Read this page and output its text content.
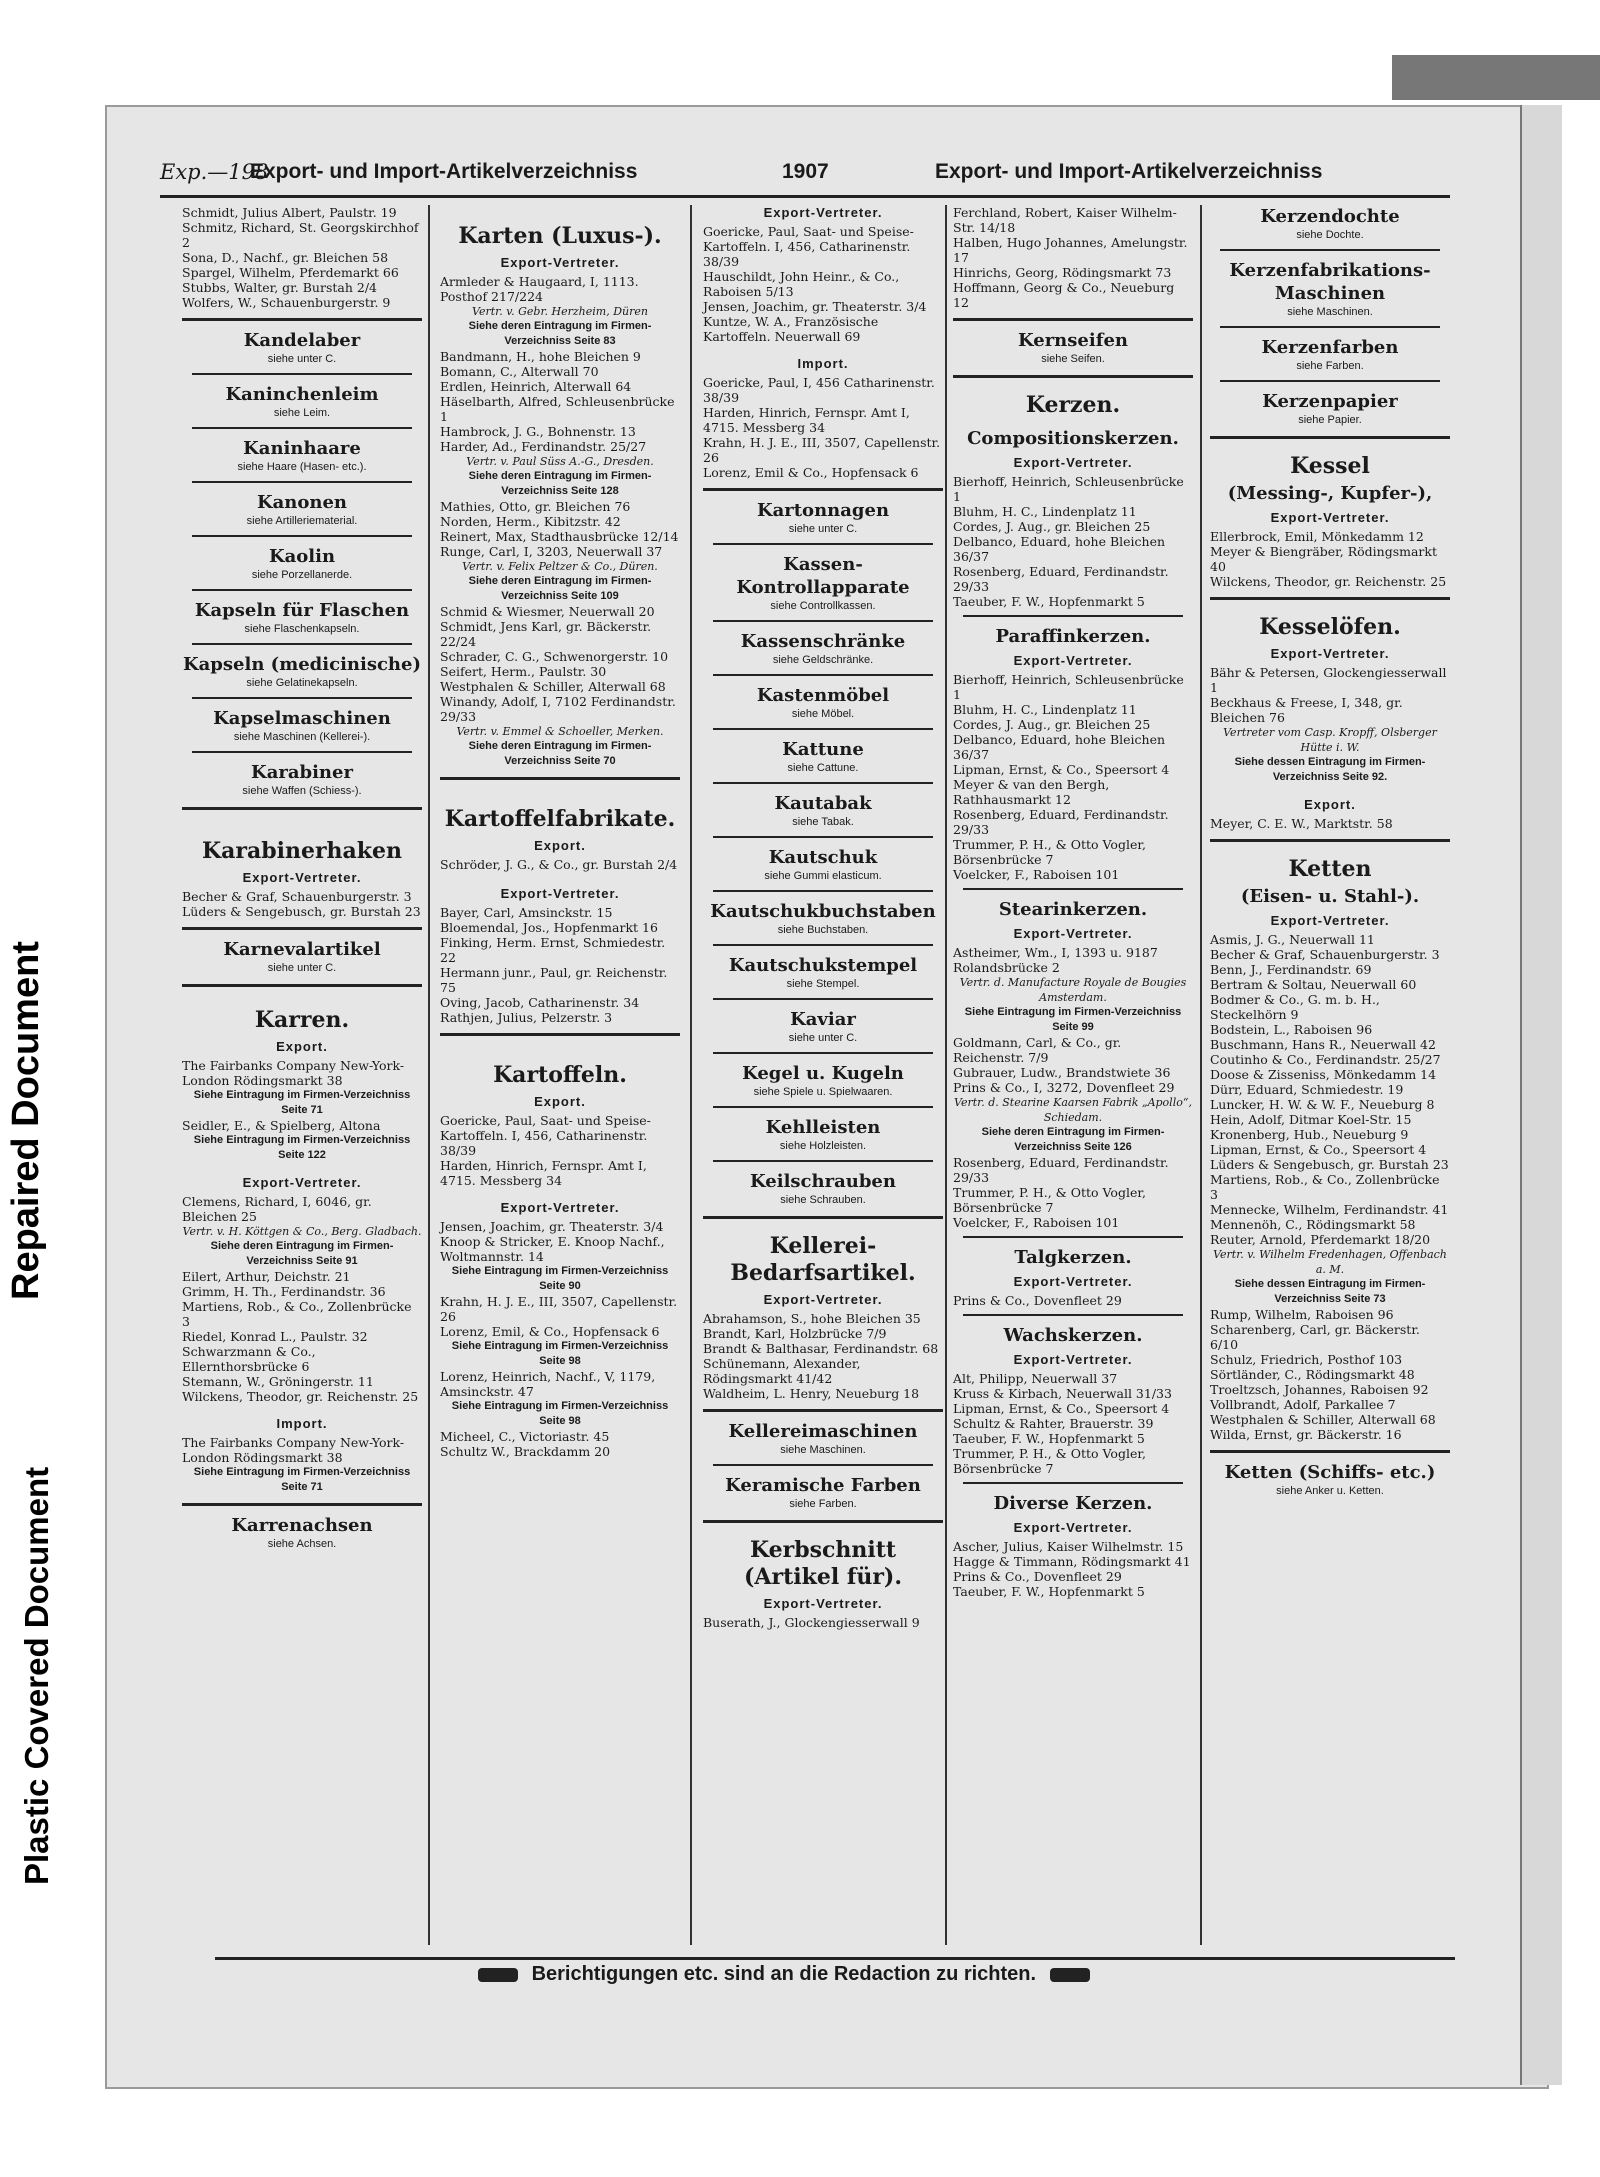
Repaired Document
Plastic Covered Document
Exp.—198
Export- und Import-Artikelverzeichniss	1907	Export- und Import-Artikelverzeichniss
Schmidt, Julius Albert, Paulstr. 19
Schmitz, Richard, St. Georgskirchhof 2
Sona, D., Nachf., gr. Bleichen 58
Spargel, Wilhelm, Pferdemarkt 66
Stubbs, Walter, gr. Burstah 2/4
Wolfers, W., Schauenburgerstr. 9
Kandelaber
siehe unter C.
Kaninchenleim
siehe Leim.
Kaninhaare
siehe Haare (Hasen- etc.).
Kanonen
siehe Artilleriematerial.
Kaolin
siehe Porzellanerde.
Kapseln für Flaschen
siehe Flaschenkapseln.
Kapseln (medicinische)
siehe Gelatinekapseln.
Kapselmaschinen
siehe Maschinen (Kellerei-).
Karabiner
siehe Waffen (Schiess-).
Karabinerhaken
Export-Vertreter.
Becher & Graf, Schauenburgerstr. 3
Lüders & Sengebusch, gr. Burstah 23
Karnevalartikel
siehe unter C.
Karren.
Export.
The Fairbanks Company New-York-London Rödingsmarkt 38
Siehe Eintragung im Firmen-Verzeichniss Seite 71
Seidler, E., & Spielberg, Altona
Siehe Eintragung im Firmen-Verzeichniss Seite 122
Export-Vertreter.
Clemens, Richard, I, 6046, gr. Bleichen 25
Vertr. v. H. Köttgen & Co., Berg. Gladbach.
Siehe deren Eintragung im Firmen-Verzeichniss Seite 91
Eilert, Arthur, Deichstr. 21
Grimm, H. Th., Ferdinandstr. 36
Martiens, Rob., & Co., Zollenbrücke 3
Riedel, Konrad L., Paulstr. 32
Schwarzmann & Co., Ellernthorsbrücke 6
Stemann, W., Gröningerstr. 11
Wilckens, Theodor, gr. Reichenstr. 25
Import.
The Fairbanks Company New-York-London Rödingsmarkt 38
Siehe Eintragung im Firmen-Verzeichniss Seite 71
Karrenachsen
siehe Achsen.
Karten (Luxus-).
Export-Vertreter.
Armleder & Haugaard, I, 1113. Posthof 217/224
Vertr. v. Gebr. Herzheim, Düren
Siehe deren Eintragung im Firmen-Verzeichniss Seite 83
Bandmann, H., hohe Bleichen 9
Bomann, C., Alterwall 70
Erdlen, Heinrich, Alterwall 64
Häselbarth, Alfred, Schleusenbrücke 1
Hambrock, J. G., Bohnenstr. 13
Harder, Ad., Ferdinandstr. 25/27
Vertr. v. Paul Süss A.-G., Dresden.
Siehe deren Eintragung im Firmen-Verzeichniss Seite 128
Mathies, Otto, gr. Bleichen 76
Norden, Herm., Kibitzstr. 42
Reinert, Max, Stadthausbrücke 12/14
Runge, Carl, I, 3203, Neuerwall 37
Vertr. v. Felix Peltzer & Co., Düren.
Siehe deren Eintragung im Firmen-Verzeichniss Seite 109
Schmid & Wiesmer, Neuerwall 20
Schmidt, Jens Karl, gr. Bäckerstr. 22/24
Schrader, C. G., Schwenorgerstr. 10
Seifert, Herm., Paulstr. 30
Westphalen & Schiller, Alterwall 68
Winandy, Adolf, I, 7102 Ferdinandstr. 29/33
Vertr. v. Emmel & Schoeller, Merken.
Siehe deren Eintragung im Firmen-Verzeichniss Seite 70
Kartoffelfabrikate.
Export.
Schröder, J. G., & Co., gr. Burstah 2/4
Export-Vertreter.
Bayer, Carl, Amsinckstr. 15
Bloemendal, Jos., Hopfenmarkt 16
Finking, Herm. Ernst, Schmiedestr. 22
Hermann junr., Paul, gr. Reichenstr. 75
Oving, Jacob, Catharinenstr. 34
Rathjen, Julius, Pelzerstr. 3
Kartoffeln.
Export.
Goericke, Paul, Saat- und Speise-Kartoffeln. I, 456, Catharinenstr. 38/39
Harden, Hinrich, Fernspr. Amt I, 4715. Messberg 34
Export-Vertreter.
Jensen, Joachim, gr. Theaterstr. 3/4
Knoop & Stricker, E. Knoop Nachf., Woltmannstr. 14
Siehe Eintragung im Firmen-Verzeichniss Seite 90
Krahn, H. J. E., III, 3507, Capellenstr. 26
Lorenz, Emil, & Co., Hopfensack 6
Siehe Eintragung im Firmen-Verzeichniss Seite 98
Lorenz, Heinrich, Nachf., V, 1179, Amsinckstr. 47
Siehe Eintragung im Firmen-Verzeichniss Seite 98
Micheel, C., Victoriastr. 45
Schultz W., Brackdamm 20
Export-Vertreter.
Goericke, Paul, Saat- und Speise-Kartoffeln. I, 456, Catharinenstr. 38/39
Hauschildt, John Heinr., & Co., Raboisen 5/13
Jensen, Joachim, gr. Theaterstr. 3/4
Kuntze, W. A., Französische Kartoffeln. Neuerwall 69
Import.
Goericke, Paul, I, 456 Catharinenstr. 38/39
Harden, Hinrich, Fernspr. Amt I, 4715. Messberg 34
Krahn, H. J. E., III, 3507, Capellenstr. 26
Lorenz, Emil & Co., Hopfensack 6
Kartonnagen
siehe unter C.
Kassen-Kontrollapparate
siehe Controllkassen.
Kassenschränke
siehe Geldschränke.
Kastenmöbel
siehe Möbel.
Kattune
siehe Cattune.
Kautabak
siehe Tabak.
Kautschuk
siehe Gummi elasticum.
Kautschukbuchstaben
siehe Buchstaben.
Kautschukstempel
siehe Stempel.
Kaviar
siehe unter C.
Kegel u. Kugeln
siehe Spiele u. Spielwaaren.
Kehlleisten
siehe Holzleisten.
Keilschrauben
siehe Schrauben.
Kellerei-Bedarfsartikel.
Export-Vertreter.
Abrahamson, S., hohe Bleichen 35
Brandt, Karl, Holzbrücke 7/9
Brandt & Balthasar, Ferdinandstr. 68
Schünemann, Alexander, Rödingsmarkt 41/42
Waldheim, L. Henry, Neueburg 18
Kellereimaschinen
siehe Maschinen.
Keramische Farben
siehe Farben.
Kerbschnitt (Artikel für).
Export-Vertreter.
Buserath, J., Glockengiesserwall 9
Ferchland, Robert, Kaiser Wilhelm-Str. 14/18
Halben, Hugo Johannes, Amelungstr. 17
Hinrichs, Georg, Rödingsmarkt 73
Hoffmann, Georg & Co., Neueburg 12
Kernseifen
siehe Seifen.
Kerzen.
Compositionskerzen.
Export-Vertreter.
Bierhoff, Heinrich, Schleusenbrücke 1
Bluhm, H. C., Lindenplatz 11
Cordes, J. Aug., gr. Bleichen 25
Delbanco, Eduard, hohe Bleichen 36/37
Rosenberg, Eduard, Ferdinandstr. 29/33
Taeuber, F. W., Hopfenmarkt 5
Paraffinkerzen.
Export-Vertreter.
Bierhoff, Heinrich, Schleusenbrücke 1
Bluhm, H. C., Lindenplatz 11
Cordes, J. Aug., gr. Bleichen 25
Delbanco, Eduard, hohe Bleichen 36/37
Lipman, Ernst, & Co., Speersort 4
Meyer & van den Bergh, Rathhausmarkt 12
Rosenberg, Eduard, Ferdinandstr. 29/33
Trummer, P. H., & Otto Vogler, Börsenbrücke 7
Voelcker, F., Raboisen 101
Stearinkerzen.
Export-Vertreter.
Astheimer, Wm., I, 1393 u. 9187 Rolandsbrücke 2
Vertr. d. Manufacture Royale de Bougies Amsterdam.
Siehe Eintragung im Firmen-Verzeichniss Seite 99
Goldmann, Carl, & Co., gr. Reichenstr. 7/9
Gubrauer, Ludw., Brandstwiete 36
Prins & Co., I, 3272, Dovenfleet 29
Vertr. d. Stearine Kaarsen Fabrik „Apollo“, Schiedam.
Siehe deren Eintragung im Firmen-Verzeichniss Seite 126
Rosenberg, Eduard, Ferdinandstr. 29/33
Trummer, P. H., & Otto Vogler, Börsenbrücke 7
Voelcker, F., Raboisen 101
Talgkerzen.
Export-Vertreter.
Prins & Co., Dovenfleet 29
Wachskerzen.
Export-Vertreter.
Alt, Philipp, Neuerwall 37
Kruss & Kirbach, Neuerwall 31/33
Lipman, Ernst, & Co., Speersort 4
Schultz & Rahter, Brauerstr. 39
Taeuber, F. W., Hopfenmarkt 5
Trummer, P. H., & Otto Vogler, Börsenbrücke 7
Diverse Kerzen.
Export-Vertreter.
Ascher, Julius, Kaiser Wilhelmstr. 15
Hagge & Timmann, Rödingsmarkt 41
Prins & Co., Dovenfleet 29
Taeuber, F. W., Hopfenmarkt 5
Kerzendochte
siehe Dochte.
Kerzenfabrikations-Maschinen
siehe Maschinen.
Kerzenfarben
siehe Farben.
Kerzenpapier
siehe Papier.
Kessel
(Messing-, Kupfer-),
Export-Vertreter.
Ellerbrock, Emil, Mönkedamm 12
Meyer & Biengräber, Rödingsmarkt 40
Wilckens, Theodor, gr. Reichenstr. 25
Kesselöfen.
Export-Vertreter.
Bähr & Petersen, Glockengiesserwall 1
Beckhaus & Freese, I, 348, gr. Bleichen 76
Vertreter vom Casp. Kropff, Olsberger Hütte i. W.
Siehe dessen Eintragung im Firmen-Verzeichniss Seite 92.
Export.
Meyer, C. E. W., Marktstr. 58
Ketten
(Eisen- u. Stahl-).
Export-Vertreter.
Asmis, J. G., Neuerwall 11
Becher & Graf, Schauenburgerstr. 3
Benn, J., Ferdinandstr. 69
Bertram & Soltau, Neuerwall 60
Bodmer & Co., G. m. b. H., Steckelhörn 9
Bodstein, L., Raboisen 96
Buschmann, Hans R., Neuerwall 42
Coutinho & Co., Ferdinandstr. 25/27
Doose & Zisseniss, Mönkedamm 14
Dürr, Eduard, Schmiedestr. 19
Luncker, H. W. & W. F., Neueburg 8
Hein, Adolf, Ditmar Koel-Str. 15
Kronenberg, Hub., Neueburg 9
Lipman, Ernst, & Co., Speersort 4
Lüders & Sengebusch, gr. Burstah 23
Martiens, Rob., & Co., Zollenbrücke 3
Mennecke, Wilhelm, Ferdinandstr. 41
Mennenöh, C., Rödingsmarkt 58
Reuter, Arnold, Pferdemarkt 18/20
Vertr. v. Wilhelm Fredenhagen, Offenbach a. M.
Siehe dessen Eintragung im Firmen-Verzeichniss Seite 73
Rump, Wilhelm, Raboisen 96
Scharenberg, Carl, gr. Bäckerstr. 6/10
Schulz, Friedrich, Posthof 103
Sörtländer, C., Rödingsmarkt 48
Troeltzsch, Johannes, Raboisen 92
Vollbrandt, Adolf, Parkallee 7
Westphalen & Schiller, Alterwall 68
Wilda, Ernst, gr. Bäckerstr. 16
Ketten (Schiffs- etc.)
siehe Anker u. Ketten.
Berichtigungen etc. sind an die Redaction zu richten.
